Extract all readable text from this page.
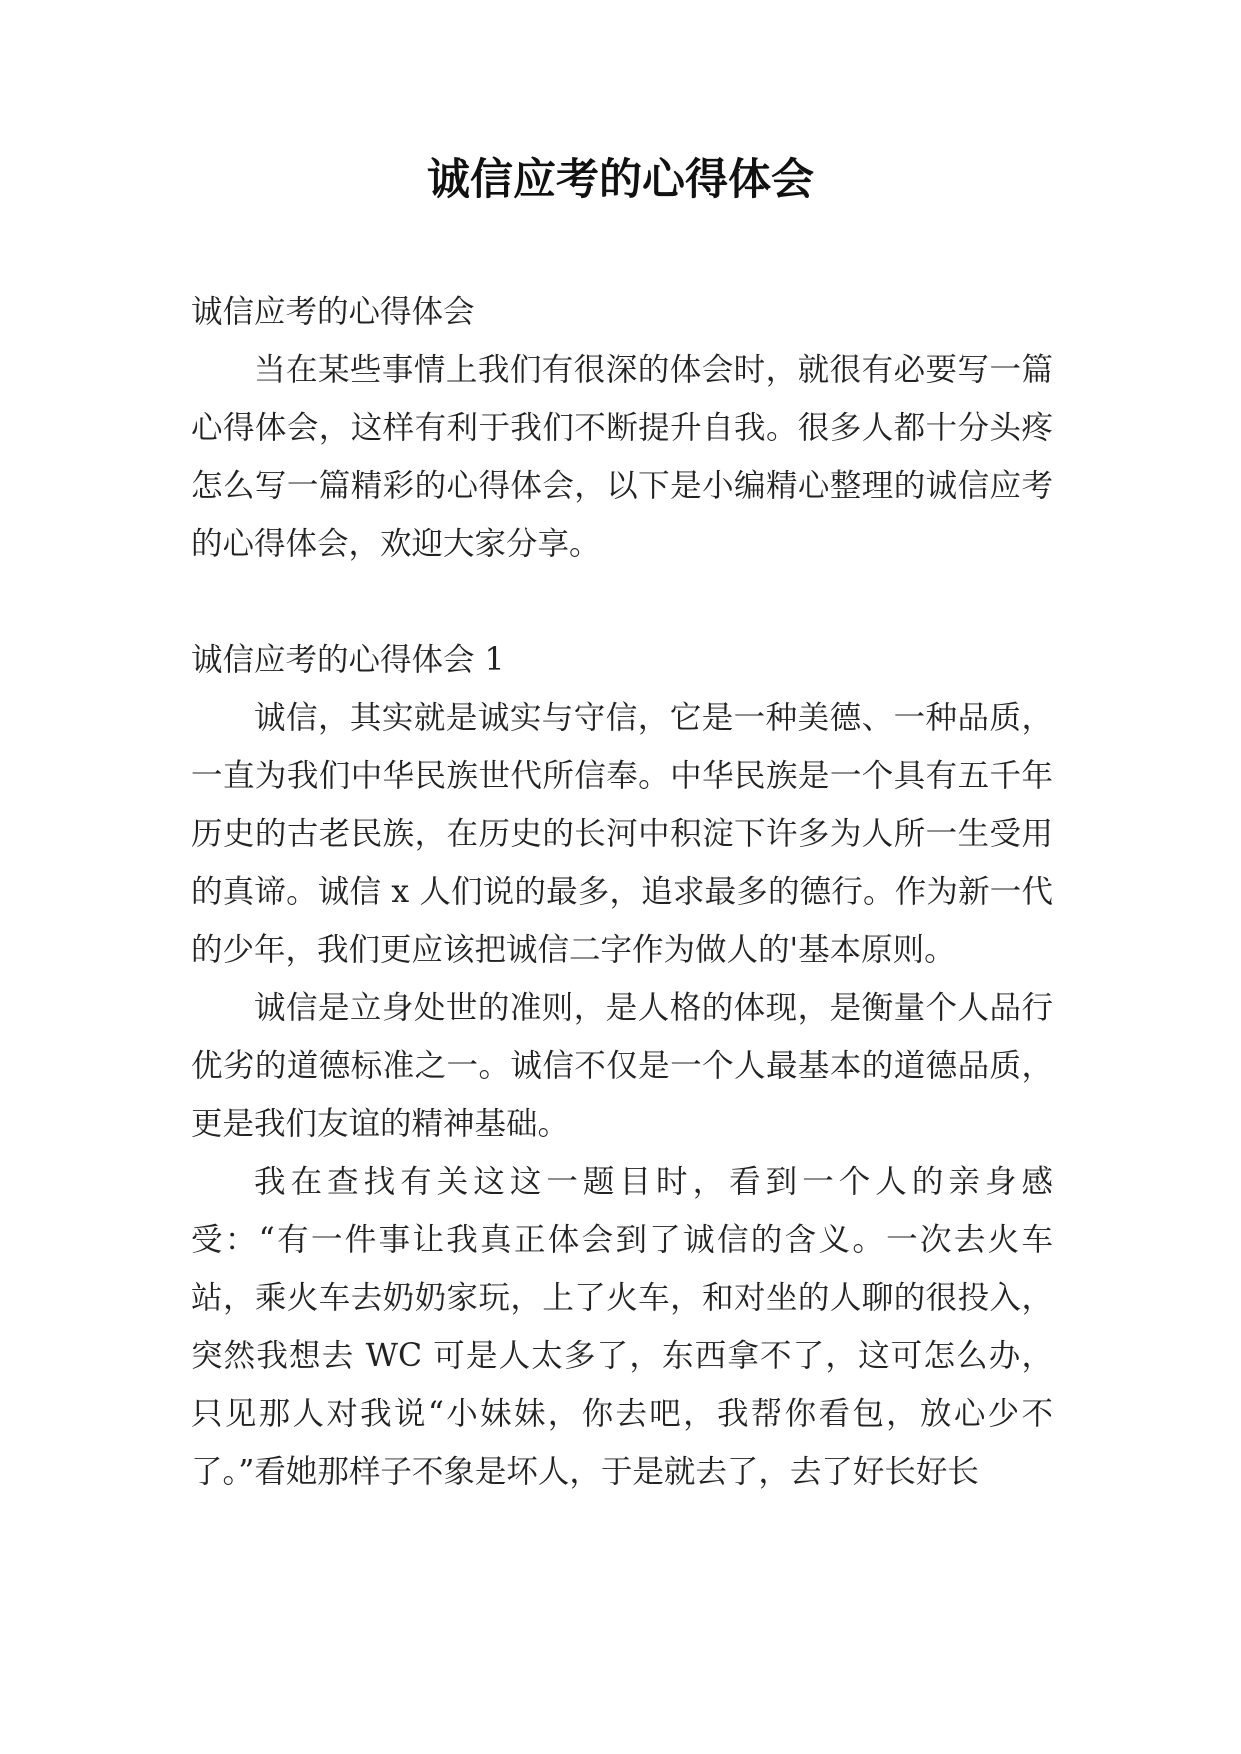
诚信应考的心得体会

诚信应考的心得体会

当在某些事情上我们有很深的体会时，就很有必要写一篇心得体会，这样有利于我们不断提升自我。很多人都十分头疼怎么写一篇精彩的心得体会，以下是小编精心整理的诚信应考的心得体会，欢迎大家分享。

诚信应考的心得体会 1

诚信，其实就是诚实与守信，它是一种美德、一种品质，一直为我们中华民族世代所信奉。中华民族是一个具有五千年历史的古老民族，在历史的长河中积淀下许多为人所一生受用的真谛。诚信 x 人们说的最多，追求最多的德行。作为新一代的少年，我们更应该把诚信二字作为做人的'基本原则。

诚信是立身处世的准则，是人格的体现，是衡量个人品行优劣的道德标准之一。诚信不仅是一个人最基本的道德品质，更是我们友谊的精神基础。

我在查找有关这这一题目时，看到一个人的亲身感受：“有一件事让我真正体会到了诚信的含义。一次去火车站，乘火车去奶奶家玩，上了火车，和对坐的人聊的很投入，突然我想去 WC 可是人太多了，东西拿不了，这可怎么办，只见那人对我说“小妹妹，你去吧，我帮你看包，放心少不了。”看她那样子不象是坏人，于是就去了，去了好长好长
